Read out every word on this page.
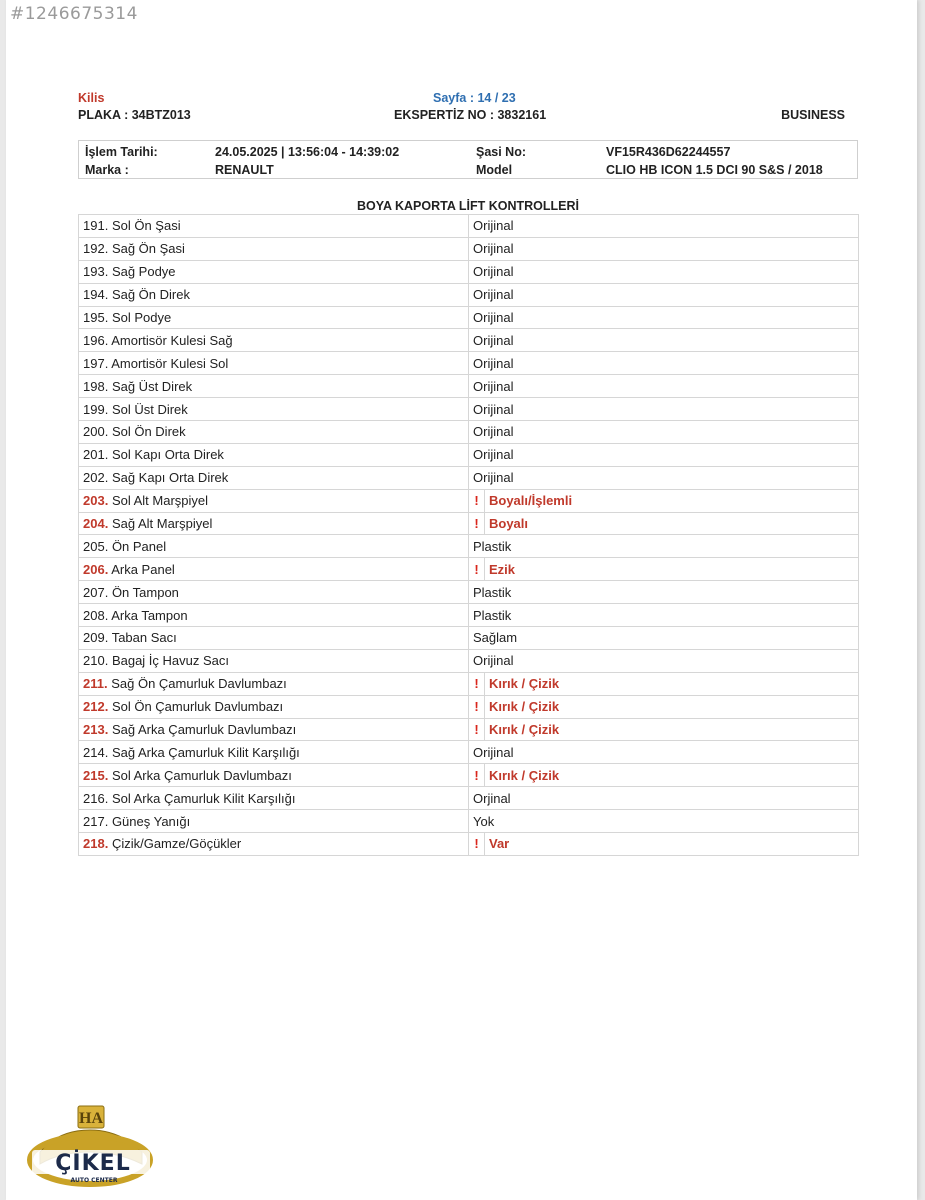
Kilis	Sayfa : 14 / 23
PLAKA : 34BTZ013	EKSPERTİZ NO : 3832161	BUSINESS
İşlem Tarihi:	24.05.2025 | 13:56:04 - 14:39:02	Şasi No:	VF15R436D62244557
Marka :	RENAULT	Model	CLIO HB ICON 1.5 DCI 90 S&S / 2018
BOYA KAPORTA LİFT KONTROLLERİ
191. Sol Ön Şasi	Orijinal	
192. Sağ Ön Şasi	Orijinal	
193. Sağ Podye	Orijinal	
194. Sağ Ön Direk	Orijinal	
195. Sol Podye	Orijinal	
196. Amortisör Kulesi Sağ	Orijinal	
197. Amortisör Kulesi Sol	Orijinal	
198. Sağ Üst Direk	Orijinal	
199. Sol Üst Direk	Orijinal	
200. Sol Ön Direk	Orijinal	
201. Sol Kapı Orta Direk	Orijinal	
202. Sağ Kapı Orta Direk	Orijinal	
203. Sol Alt Marşpiyel	!	Boyalı/İşlemli
204. Sağ Alt Marşpiyel	!	Boyalı
205. Ön Panel	Plastik	
206. Arka Panel	!	Ezik
207. Ön Tampon	Plastik	
208. Arka Tampon	Plastik	
209. Taban Sacı	Sağlam	
210. Bagaj İç Havuz Sacı	Orijinal	
211. Sağ Ön Çamurluk Davlumbazı	!	Kırık / Çizik
212. Sol Ön Çamurluk Davlumbazı	!	Kırık / Çizik
213. Sağ Arka Çamurluk Davlumbazı	!	Kırık / Çizik
214. Sağ Arka Çamurluk Kilit Karşılığı	Orijinal	
215. Sol Arka Çamurluk Davlumbazı	!	Kırık / Çizik
216. Sol Arka Çamurluk Kilit Karşılığı	Orjinal	
217. Güneş Yanığı	Yok	
218. Çizik/Gamze/Göçükler	!	Var
HA
ÇİKEL
AUTO CENTER
#1246675314
